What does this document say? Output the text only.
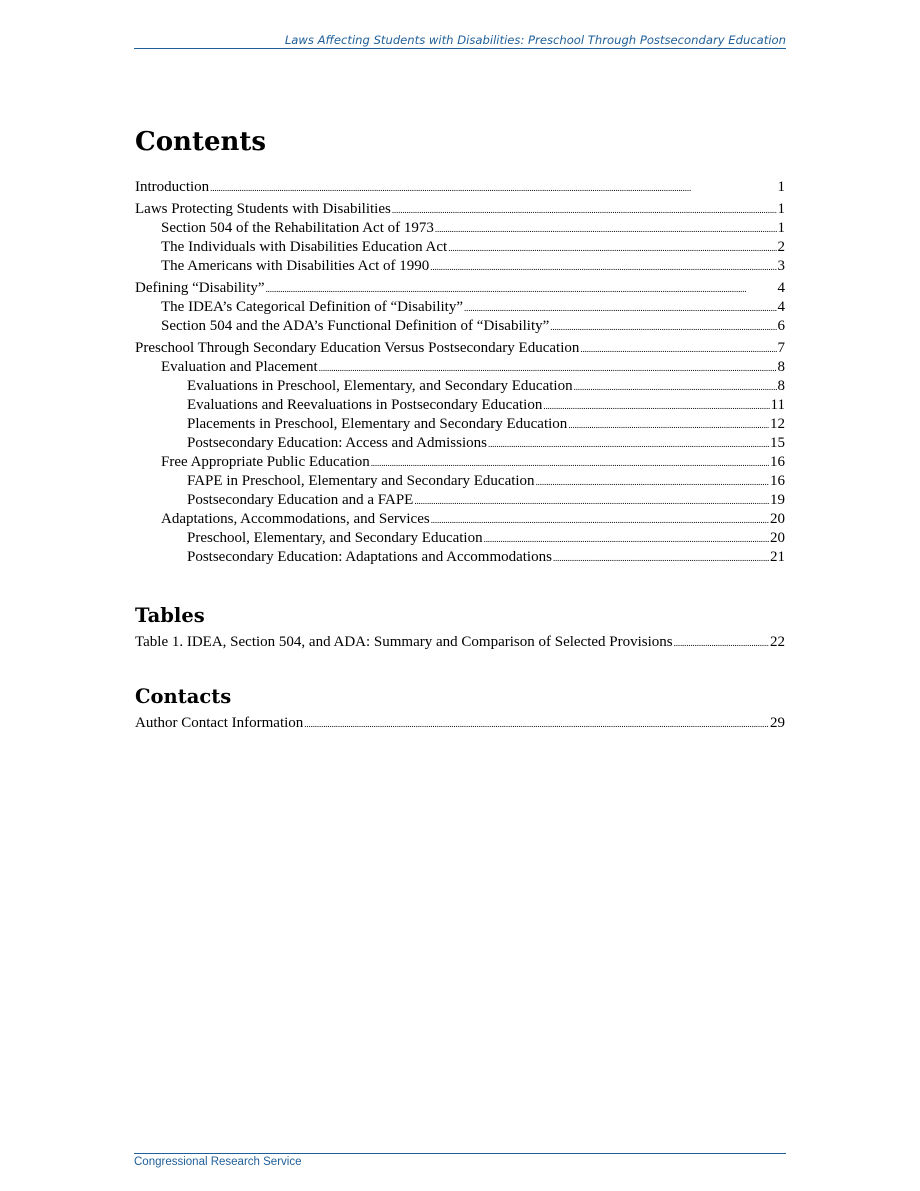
Laws Affecting Students with Disabilities: Preschool Through Postsecondary Education
Contents
Introduction . . .	1
Laws Protecting Students with Disabilities . . .	1
Section 504 of the Rehabilitation Act of 1973 . . .	1
The Individuals with Disabilities Education Act . . .	2
The Americans with Disabilities Act of 1990 . . .	3
Defining “Disability” . . .	4
The IDEA’s Categorical Definition of “Disability” . . .	4
Section 504 and the ADA’s Functional Definition of “Disability” . . .	6
Preschool Through Secondary Education Versus Postsecondary Education . . .	7
Evaluation and Placement . . .	8
Evaluations in Preschool, Elementary, and Secondary Education . . .	8
Evaluations and Reevaluations in Postsecondary Education . . .	11
Placements in Preschool, Elementary and Secondary Education . . .	12
Postsecondary Education: Access and Admissions . . .	15
Free Appropriate Public Education . . .	16
FAPE in Preschool, Elementary and Secondary Education . . .	16
Postsecondary Education and a FAPE . . .	19
Adaptations, Accommodations, and Services . . .	20
Preschool, Elementary, and Secondary Education . . .	20
Postsecondary Education: Adaptations and Accommodations . . .	21
Tables
Table 1. IDEA, Section 504, and ADA: Summary and Comparison of Selected Provisions . . .	22
Contacts
Author Contact Information . . .	29
Congressional Research Service
